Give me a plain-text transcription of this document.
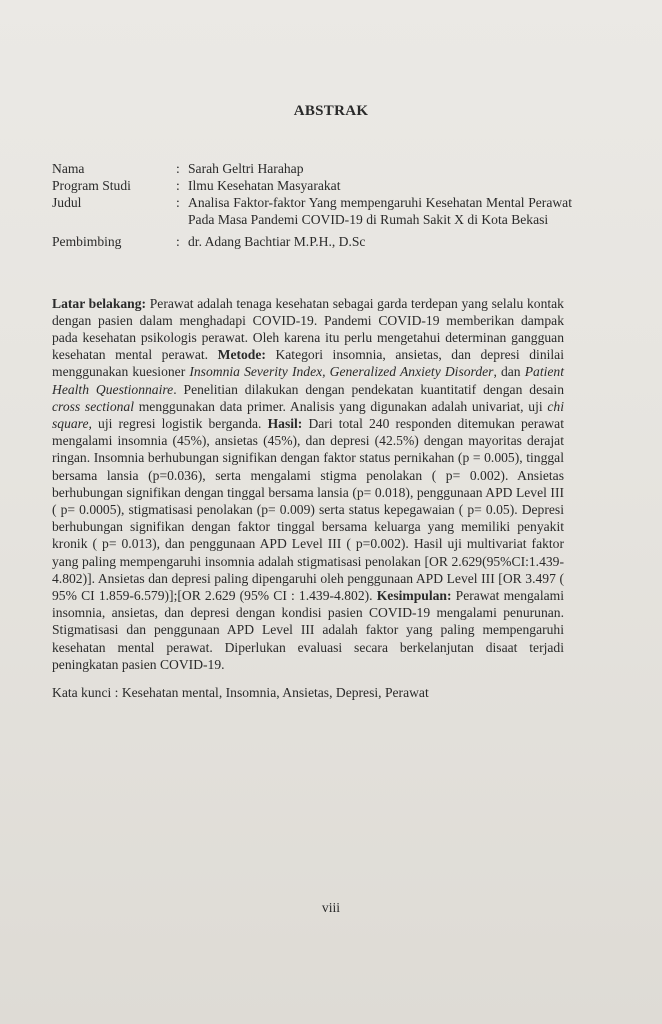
ABSTRAK
Nama	: Sarah Geltri Harahap
Program Studi	: Ilmu Kesehatan Masyarakat
Judul	: Analisa Faktor-faktor Yang mempengaruhi Kesehatan Mental Perawat Pada Masa Pandemi COVID-19 di Rumah Sakit X di Kota Bekasi
Pembimbing	: dr. Adang Bachtiar M.P.H., D.Sc

Latar belakang: Perawat adalah tenaga kesehatan sebagai garda terdepan yang selalu kontak dengan pasien dalam menghadapi COVID-19. Pandemi COVID-19 memberikan dampak pada kesehatan psikologis perawat. Oleh karena itu perlu mengetahui determinan gangguan kesehatan mental perawat. Metode: Kategori insomnia, ansietas, dan depresi dinilai menggunakan kuesioner Insomnia Severity Index, Generalized Anxiety Disorder, dan Patient Health Questionnaire. Penelitian dilakukan dengan pendekatan kuantitatif dengan desain cross sectional menggunakan data primer. Analisis yang digunakan adalah univariat, uji chi square, uji regresi logistik berganda. Hasil: Dari total 240 responden ditemukan perawat mengalami insomnia (45%), ansietas (45%), dan depresi (42.5%) dengan mayoritas derajat ringan. Insomnia berhubungan signifikan dengan faktor status pernikahan (p = 0.005), tinggal bersama lansia (p=0.036), serta mengalami stigma penolakan ( p= 0.002). Ansietas berhubungan signifikan dengan tinggal bersama lansia (p= 0.018), penggunaan APD Level III ( p= 0.0005), stigmatisasi penolakan (p= 0.009) serta status kepegawaian ( p= 0.05). Depresi berhubungan signifikan dengan faktor tinggal bersama keluarga yang memiliki penyakit kronik ( p= 0.013), dan penggunaan APD Level III ( p=0.002). Hasil uji multivariat faktor yang paling mempengaruhi insomnia adalah stigmatisasi penolakan [OR 2.629(95%CI:1.439-4.802)]. Ansietas dan depresi paling dipengaruhi oleh penggunaan APD Level III [OR 3.497 ( 95% CI 1.859-6.579)];[OR 2.629 (95% CI : 1.439-4.802). Kesimpulan: Perawat mengalami insomnia, ansietas, dan depresi dengan kondisi pasien COVID-19 mengalami penurunan. Stigmatisasi dan penggunaan APD Level III adalah faktor yang paling mempengaruhi kesehatan mental perawat. Diperlukan evaluasi secara berkelanjutan disaat terjadi peningkatan pasien COVID-19.

Kata kunci : Kesehatan mental, Insomnia, Ansietas, Depresi, Perawat
viii
